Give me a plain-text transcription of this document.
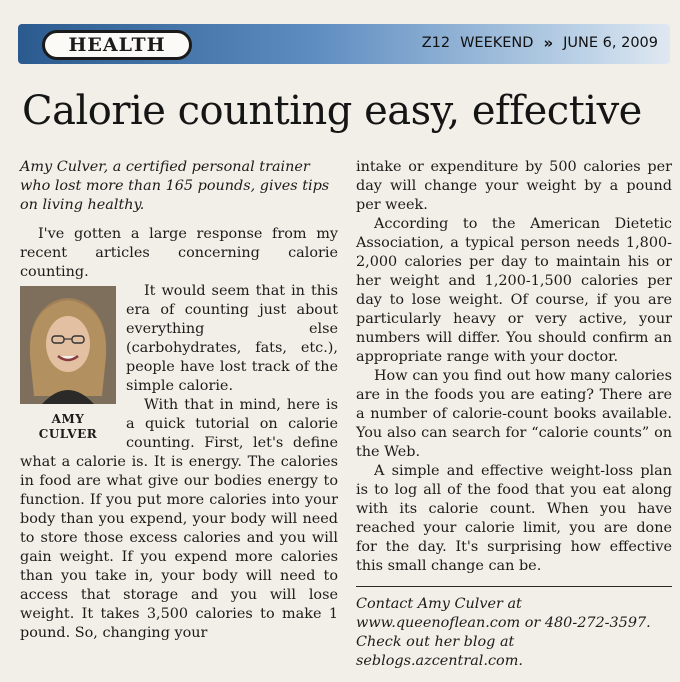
HEALTH	Z12 WEEKEND » JUNE 6, 2009
Calorie counting easy, effective

Amy Culver, a certified personal trainer who lost more than 165 pounds, gives tips on living healthy.

I've gotten a large response from my recent articles concerning calorie counting.

AMY
CULVER

It would seem that in this era of counting just about everything else (carbohydrates, fats, etc.), people have lost track of the simple calorie.

With that in mind, here is a quick tutorial on calorie counting. First, let's define what a calorie is. It is energy. The calories in food are what give our bodies energy to function. If you put more calories into your body than you expend, your body will need to store those excess calories and you will gain weight. If you expend more calories than you take in, your body will need to access that storage and you will lose weight. It takes 3,500 calories to make 1 pound. So, changing your

intake or expenditure by 500 calories per day will change your weight by a pound per week.

According to the American Dietetic Association, a typical person needs 1,800-2,000 calories per day to maintain his or her weight and 1,200-1,500 calories per day to lose weight. Of course, if you are particularly heavy or very active, your numbers will differ. You should confirm an appropriate range with your doctor.

How can you find out how many calories are in the foods you are eating? There are a number of calorie-count books available. You also can search for “calorie counts” on the Web.

A simple and effective weight-loss plan is to log all of the food that you eat along with its calorie count. When you have reached your calorie limit, you are done for the day. It's surprising how effective this small change can be.

Contact Amy Culver at www.queenoflean.com or 480-272-3597. Check out her blog at seblogs.azcentral.com.
